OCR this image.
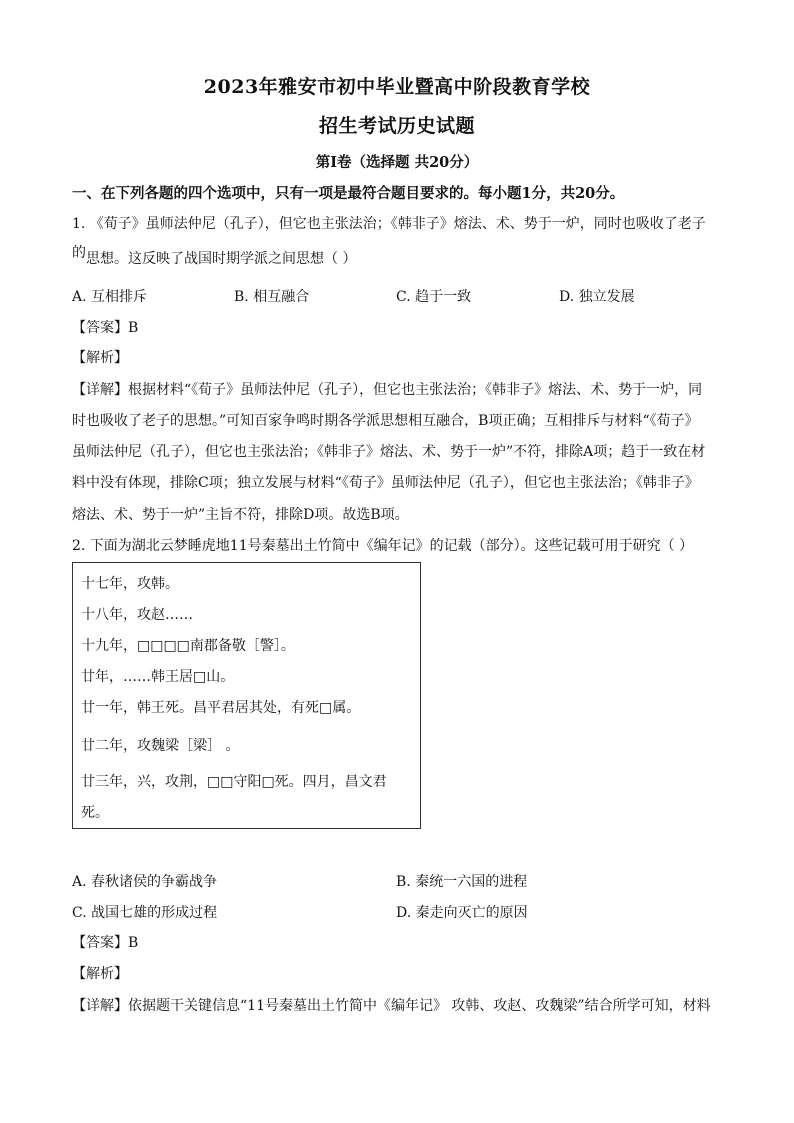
2023年雅安市初中毕业暨高中阶段教育学校
招生考试历史试题
第Ⅰ卷（选择题 共20分）
一、在下列各题的四个选项中，只有一项是最符合题目要求的。每小题1分，共20分。
1. 《荀子》虽师法仲尼（孔子），但它也主张法治；《韩非子》熔法、术、势于一炉，同时也吸收了老子
的思想。这反映了战国时期学派之间思想（ ）
A. 互相排斥	B. 相互融合	C. 趋于一致	D. 独立发展
【答案】B
【解析】
【详解】根据材料“《荀子》虽师法仲尼（孔子），但它也主张法治；《韩非子》熔法、术、势于一炉，同
时也吸收了老子的思想。”可知百家争鸣时期各学派思想相互融合，B项正确；互相排斥与材料“《荀子》
虽师法仲尼（孔子），但它也主张法治；《韩非子》熔法、术、势于一炉”不符，排除A项；趋于一致在材
料中没有体现，排除C项；独立发展与材料“《荀子》虽师法仲尼（孔子），但它也主张法治；《韩非子》
熔法、术、势于一炉”主旨不符，排除D项。故选B项。
2. 下面为湖北云梦睡虎地11号秦墓出土竹简中《编年记》的记载（部分）。这些记载可用于研究（ ）
十七年，攻韩。
十八年，攻赵……
十九年，□□□□南郡备敬［警］。
廿年，……韩王居□山。
廿一年，韩王死。昌平君居其处，有死□属。
廿二年，攻魏梁［梁］ 。
廿三年，兴，攻荆，□□守阳□死。四月，昌文君
死。
A. 春秋诸侯的争霸战争	B. 秦统一六国的进程
C. 战国七雄的形成过程	D. 秦走向灭亡的原因
【答案】B
【解析】
【详解】依据题干关键信息“11号秦墓出土竹简中《编年记》 攻韩、攻赵、攻魏梁”结合所学可知，材料
